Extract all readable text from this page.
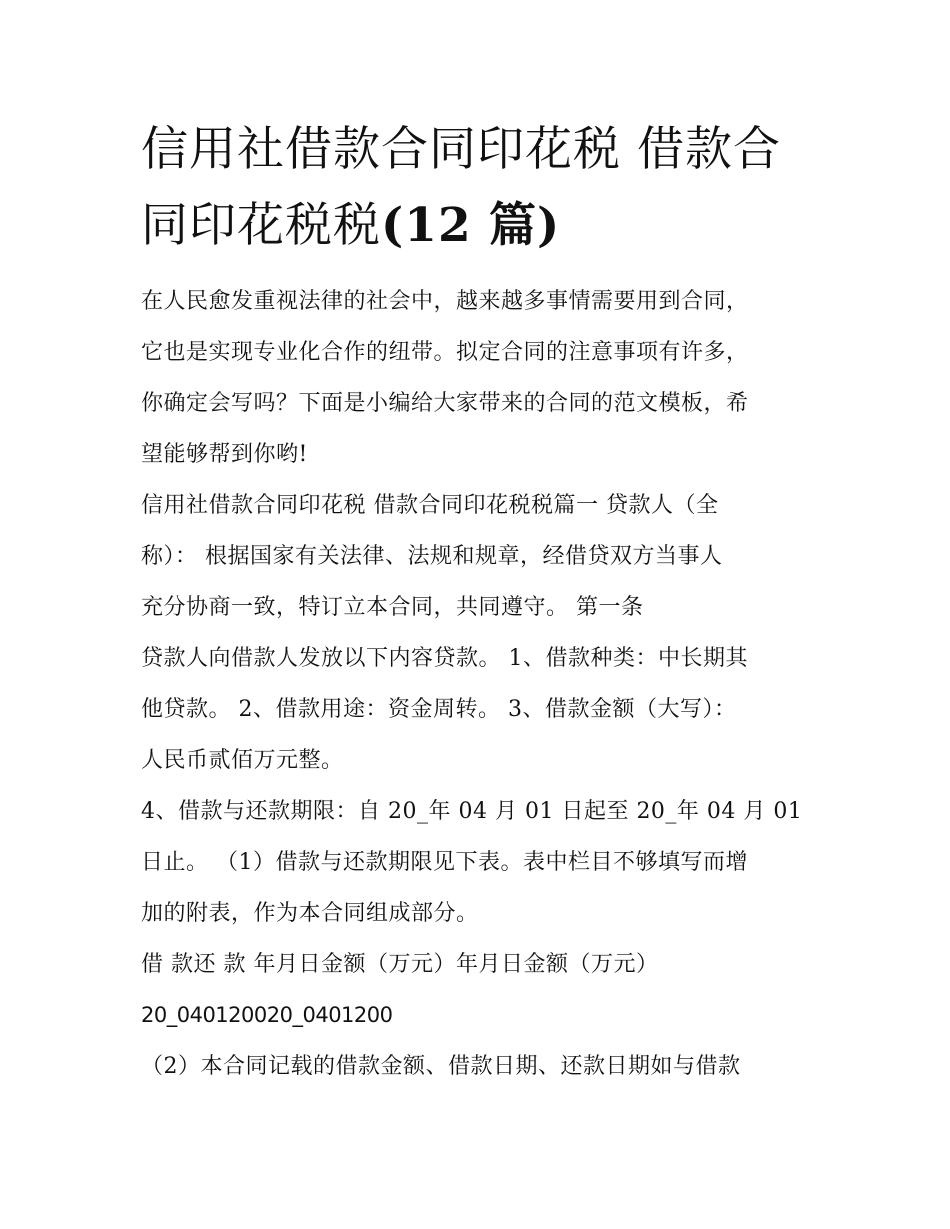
信用社借款合同印花税 借款合
同印花税税(12 篇)

在人民愈发重视法律的社会中，越来越多事情需要用到合同，
它也是实现专业化合作的纽带。拟定合同的注意事项有许多，
你确定会写吗？下面是小编给大家带来的合同的范文模板，希
望能够帮到你哟!

信用社借款合同印花税 借款合同印花税税篇一 贷款人（全
称）： 根据国家有关法律、法规和规章，经借贷双方当事人
充分协商一致，特订立本合同，共同遵守。 第一条

贷款人向借款人发放以下内容贷款。 1、借款种类：中长期其
他贷款。 2、借款用途：资金周转。 3、借款金额（大写）：
人民币贰佰万元整。

4、借款与还款期限：自 20_年 04 月 01 日起至 20_年 04 月 01
日止。 （1）借款与还款期限见下表。表中栏目不够填写而增
加的附表，作为本合同组成部分。

借 款还 款 年月日金额（万元）年月日金额（万元）
20_040120020_0401200

（2）本合同记载的借款金额、借款日期、还款日期如与借款
